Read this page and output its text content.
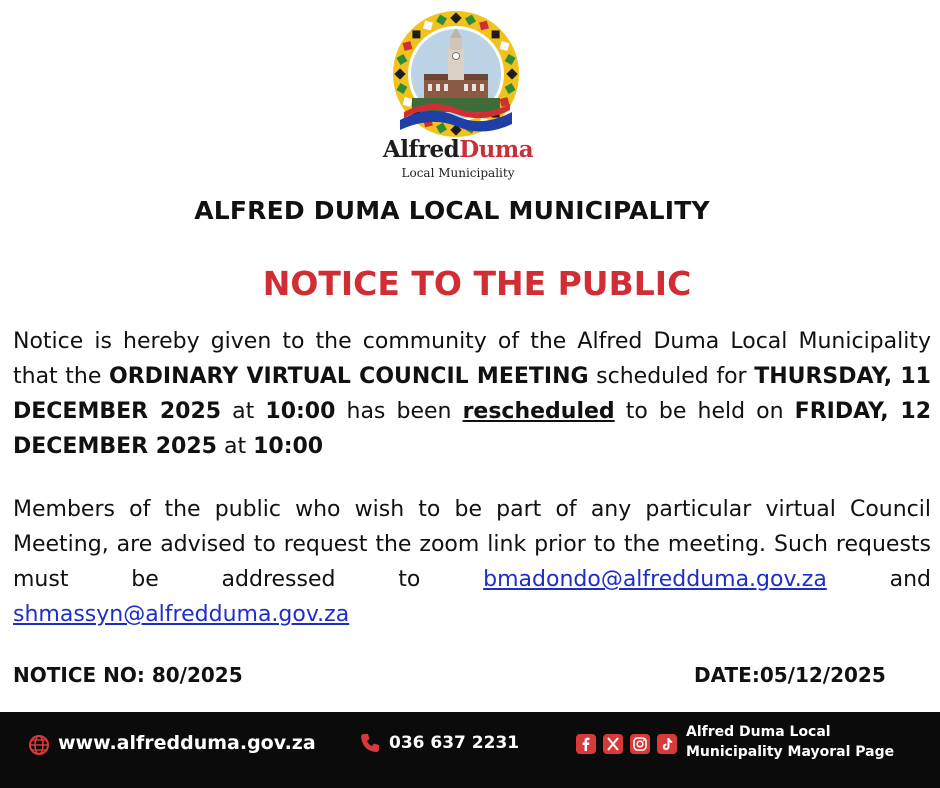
AlfredDuma
Local Municipality
ALFRED DUMA LOCAL MUNICIPALITY
NOTICE TO THE PUBLIC
Notice is hereby given to the community of the Alfred Duma Local Municipality that the ORDINARY VIRTUAL COUNCIL MEETING scheduled for THURSDAY, 11 DECEMBER 2025 at 10:00 has been rescheduled to be held on FRIDAY, 12 DECEMBER 2025 at 10:00
Members of the public who wish to be part of any particular virtual Council Meeting, are advised to request the zoom link prior to the meeting. Such requests must be addressed to bmadondo@alfredduma.gov.za and shmassyn@alfredduma.gov.za
NOTICE NO: 80/2025	DATE:05/12/2025
www.alfredduma.gov.za	036 637 2231
Alfred Duma Local
Municipality Mayoral Page
